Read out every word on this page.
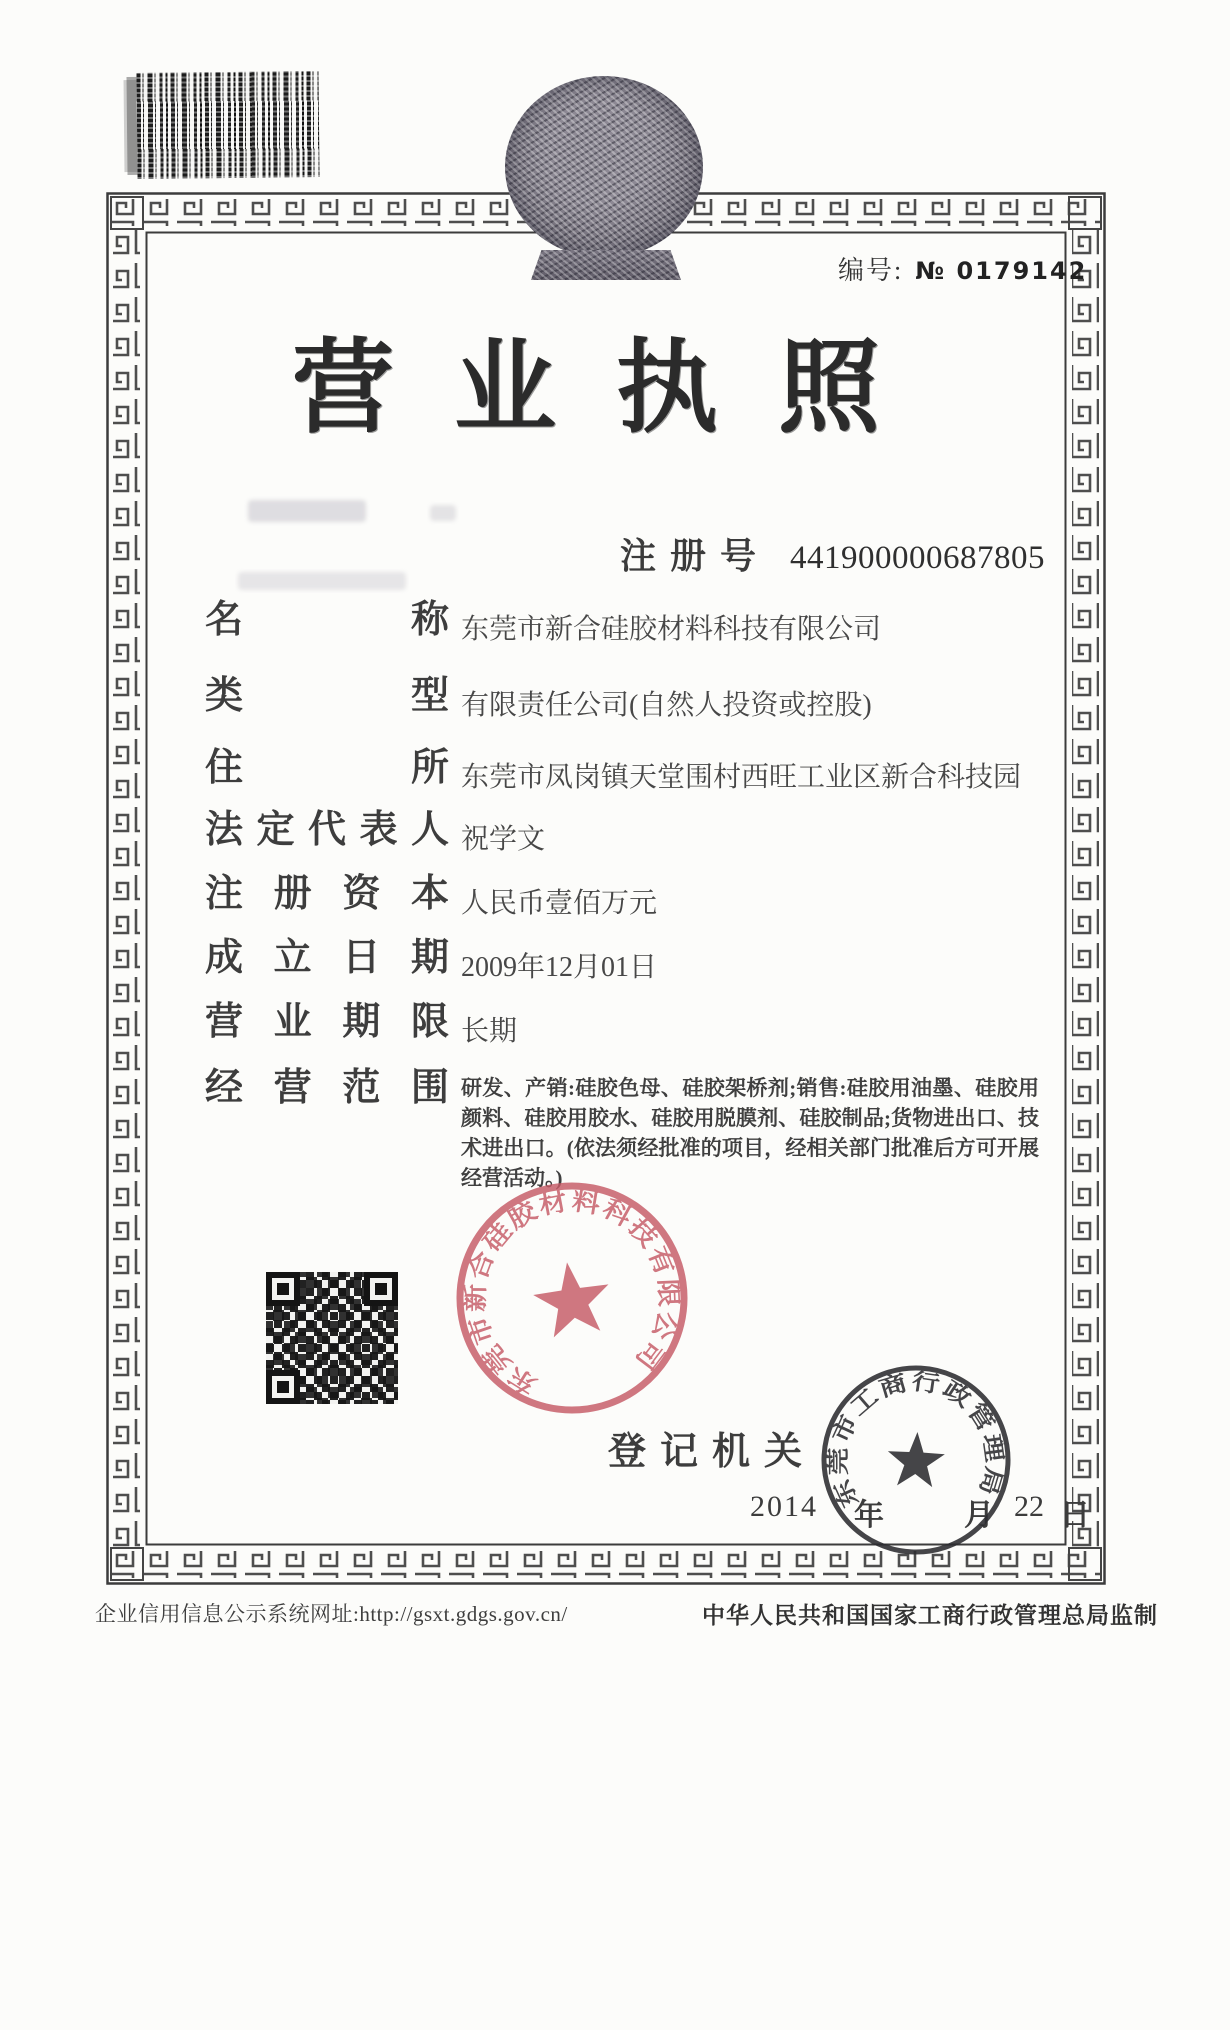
编号: № 0179142
营业执照
注册号 441900000687805
名称 东莞市新合硅胶材料科技有限公司
类型 有限责任公司(自然人投资或控股)
住所 东莞市凤岗镇天堂围村西旺工业区新合科技园
法定代表人 祝学文
注册资本 人民币壹佰万元
成立日期 2009年12月01日
营业期限 长期
经营范围 研发、产销:硅胶色母、硅胶架桥剂;销售:硅胶用油墨、硅胶用颜料、硅胶用胶水、硅胶用脱膜剂、硅胶制品;货物进出口、技术进出口。(依法须经批准的项目，经相关部门批准后方可开展经营活动。)
东莞市新合硅胶材料科技有限公司
登记机关
2014 年	月 22 日
东莞市工商行政管理局
企业信用信息公示系统网址:http://gsxt.gdgs.gov.cn/	中华人民共和国国家工商行政管理总局监制
